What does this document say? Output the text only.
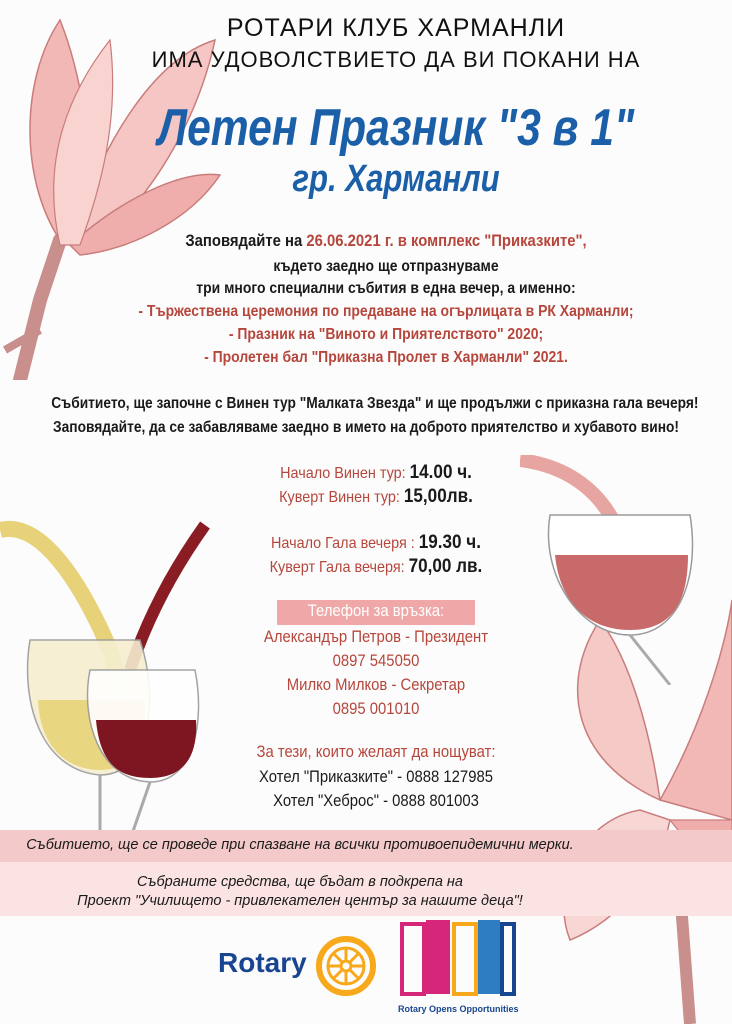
РОТАРИ КЛУБ ХАРМАНЛИ
ИМА УДОВОЛСТВИЕТО ДА ВИ ПОКАНИ НА
Летен Празник "3 в 1"
гр. Харманли
Заповядайте на 26.06.2021 г. в комплекс "Приказките",
където заедно ще отпразнуваме
три много специални събития в една вечер, а именно:
- Тържествена церемония по предаване на огърлицата в РК Харманли;
- Празник на "Виното и Приятелството" 2020;
- Пролетен бал "Приказна Пролет в Харманли" 2021.
Събитието, ще започне с Винен тур "Малката Звезда" и ще продължи с приказна гала вечеря!
Заповядайте, да се забавляваме заедно в името на доброто приятелство и хубавото вино!
Начало Винен тур: 14.00 ч.
Куверт Винен тур: 15,00лв.
Начало Гала вечеря : 19.30 ч.
Куверт Гала вечеря: 70,00 лв.
Телефон за връзка:
Александър Петров - Президент
0897 545050
Милко Милков - Секретар
0895 001010
За тези, които желаят да нощуват:
Хотел "Приказките" - 0888 127985
Хотел "Хеброс" - 0888 801003
Събитието, ще се проведе при спазване на всички противоепидемични мерки.
Събраните средства, ще бъдат в подкрепа на
Проект "Училището - привлекателен център за нашите деца"!
Rotary
Rotary Opens Opportunities
